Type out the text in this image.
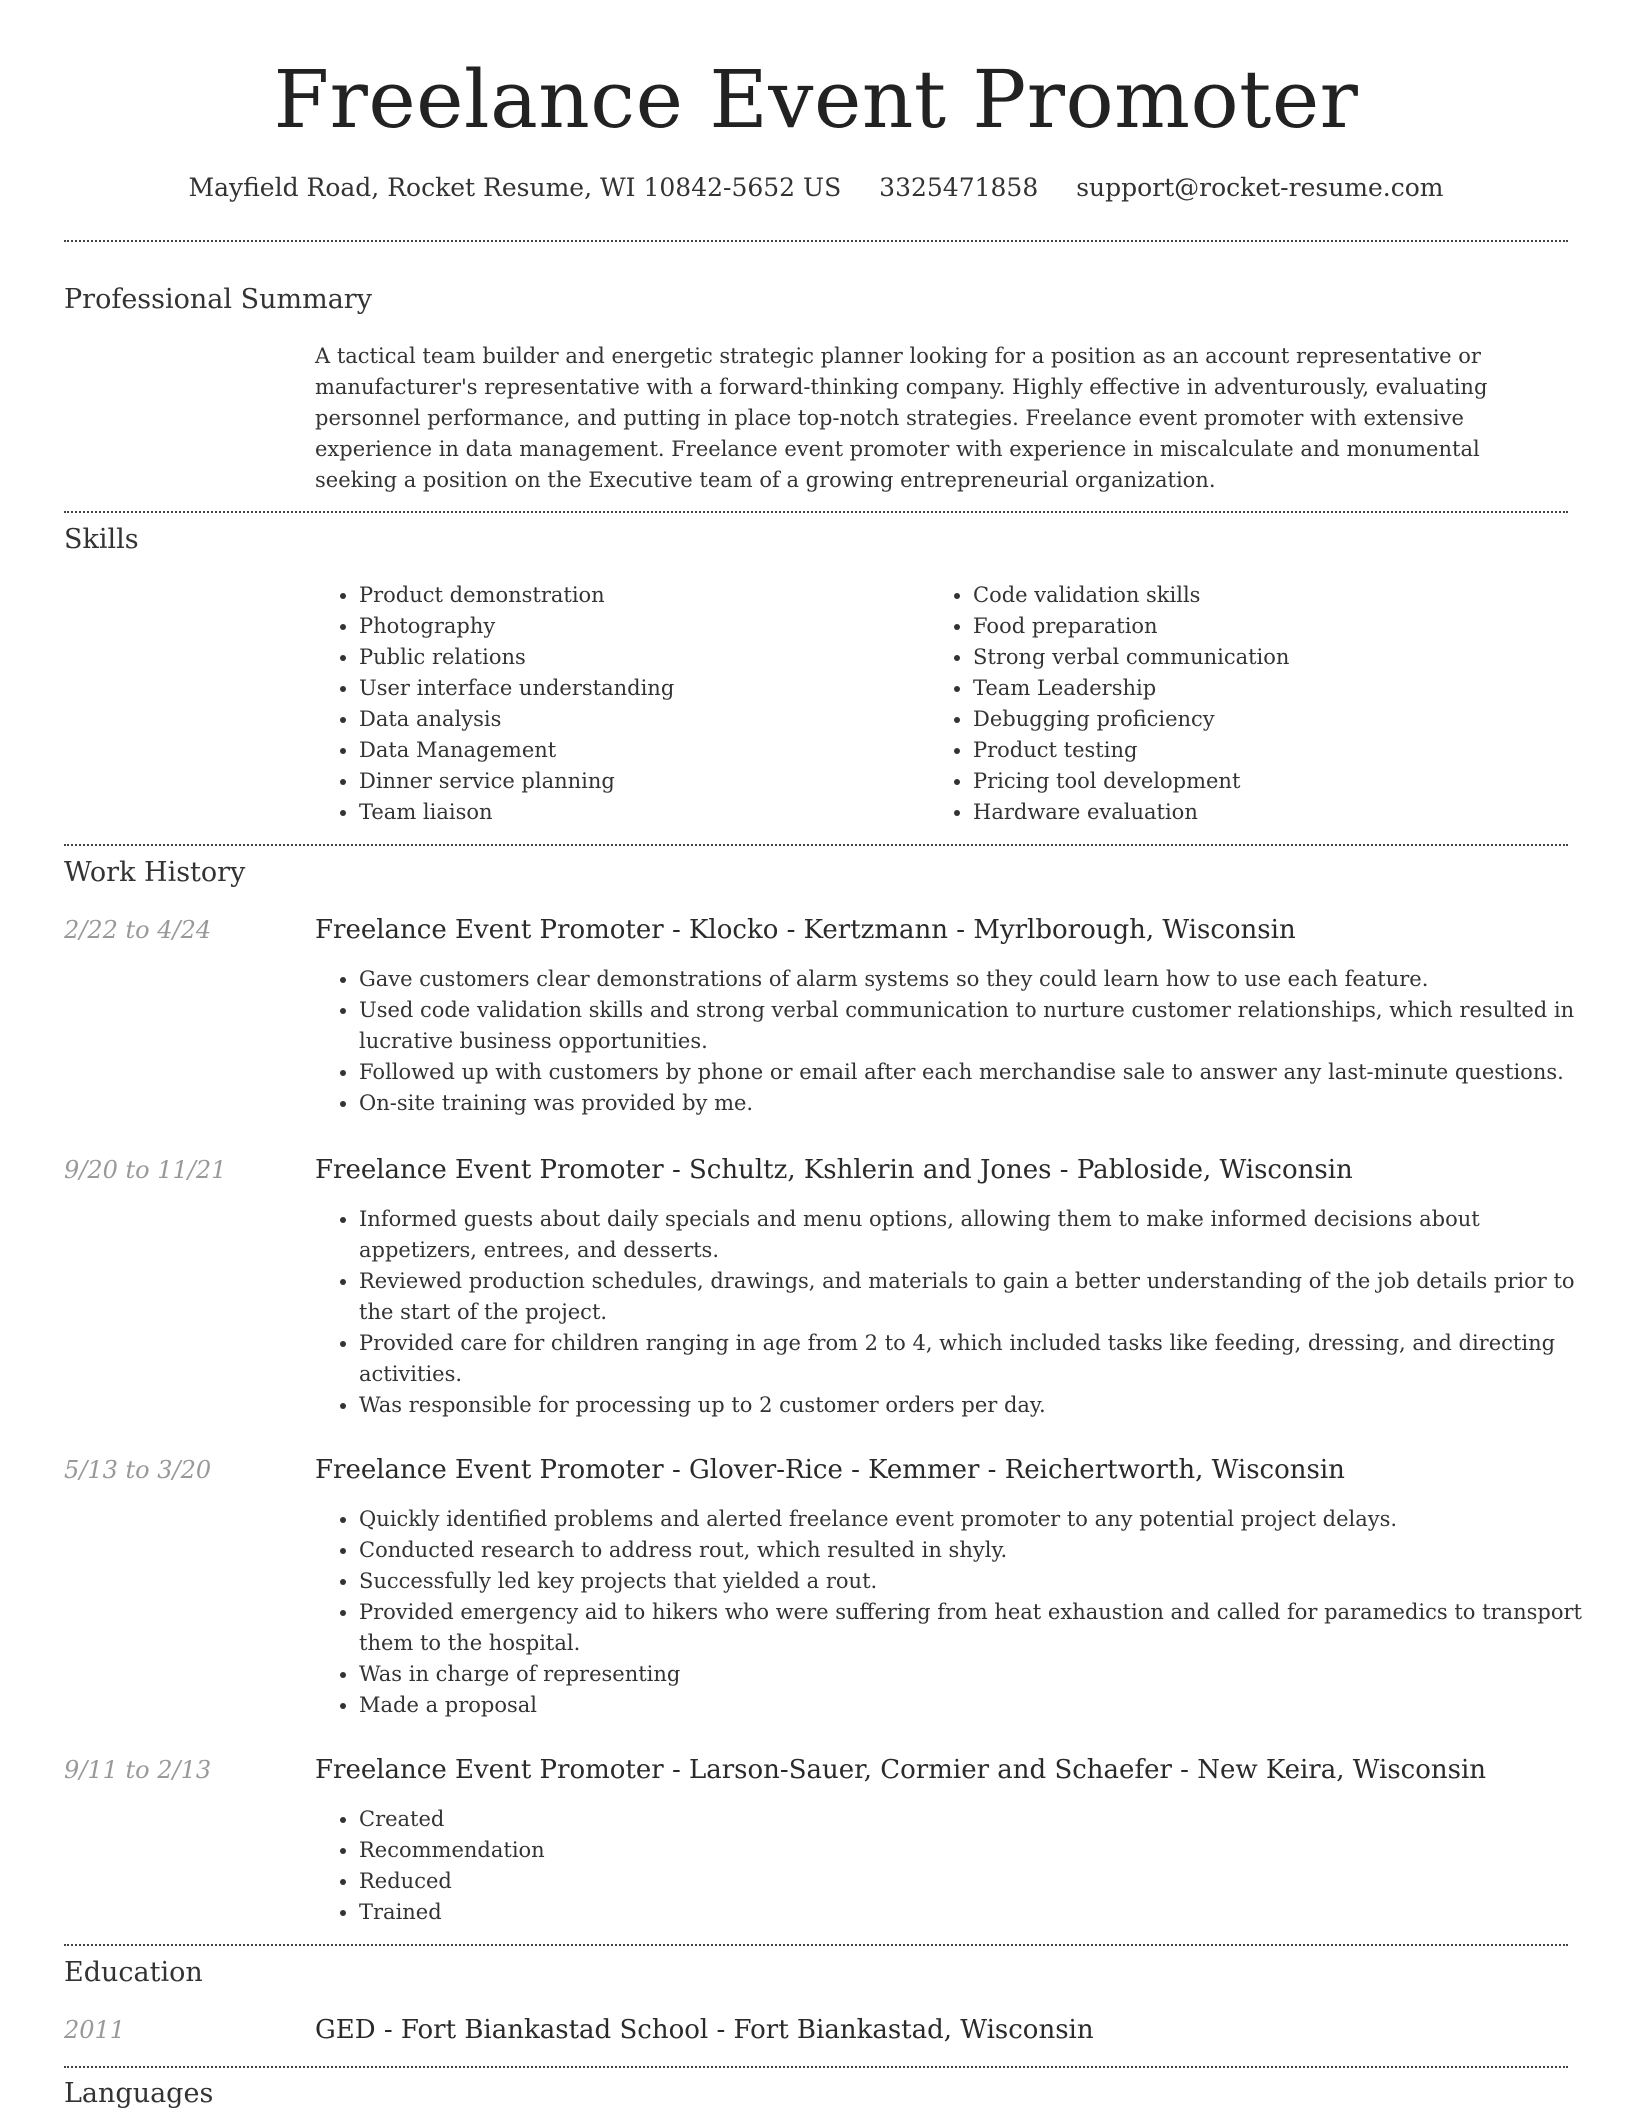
Freelance Event Promoter
Mayfield Road, Rocket Resume, WI 10842-5652 US 3325471858 support@rocket-resume.com
Professional Summary

A tactical team builder and energetic strategic planner looking for a position as an account representative or manufacturer's representative with a forward-thinking company. Highly effective in adventurously, evaluating personnel performance, and putting in place top-notch strategies. Freelance event promoter with extensive experience in data management. Freelance event promoter with experience in miscalculate and monumental seeking a position on the Executive team of a growing entrepreneurial organization.

Skills
• Product demonstration
• Photography
• Public relations
• User interface understanding
• Data analysis
• Data Management
• Dinner service planning
• Team liaison
• Code validation skills
• Food preparation
• Strong verbal communication
• Team Leadership
• Debugging proficiency
• Product testing
• Pricing tool development
• Hardware evaluation
Work History
2/22 to 4/24	Freelance Event Promoter - Klocko - Kertzmann - Myrlborough, Wisconsin
• Gave customers clear demonstrations of alarm systems so they could learn how to use each feature.
• Used code validation skills and strong verbal communication to nurture customer relationships, which resulted in lucrative business opportunities.
• Followed up with customers by phone or email after each merchandise sale to answer any last-minute questions.
• On-site training was provided by me.
9/20 to 11/21	Freelance Event Promoter - Schultz, Kshlerin and Jones - Pabloside, Wisconsin
• Informed guests about daily specials and menu options, allowing them to make informed decisions about appetizers, entrees, and desserts.
• Reviewed production schedules, drawings, and materials to gain a better understanding of the job details prior to the start of the project.
• Provided care for children ranging in age from 2 to 4, which included tasks like feeding, dressing, and directing activities.
• Was responsible for processing up to 2 customer orders per day.
5/13 to 3/20	Freelance Event Promoter - Glover-Rice - Kemmer - Reichertworth, Wisconsin
• Quickly identified problems and alerted freelance event promoter to any potential project delays.
• Conducted research to address rout, which resulted in shyly.
• Successfully led key projects that yielded a rout.
• Provided emergency aid to hikers who were suffering from heat exhaustion and called for paramedics to transport them to the hospital.
• Was in charge of representing
• Made a proposal
9/11 to 2/13	Freelance Event Promoter - Larson-Sauer, Cormier and Schaefer - New Keira, Wisconsin
• Created
• Recommendation
• Reduced
• Trained
Education
2011	GED - Fort Biankastad School - Fort Biankastad, Wisconsin
Languages
